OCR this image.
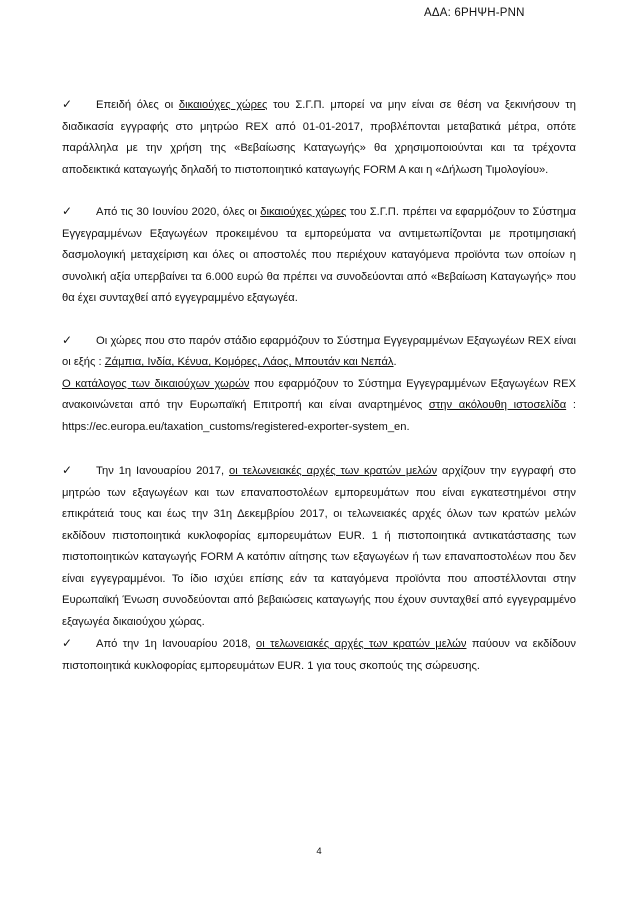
ΑΔΑ: 6ΡΗΨΗ-ΡΝΝ

✓ Επειδή όλες οι δικαιούχες χώρες του Σ.Γ.Π. μπορεί να μην είναι σε θέση να ξεκινήσουν τη διαδικασία εγγραφής στο μητρώο REX από 01-01-2017, προβλέπονται μεταβατικά μέτρα, οπότε παράλληλα με την χρήση της «Βεβαίωσης Καταγωγής» θα χρησιμοποιούνται και τα τρέχοντα αποδεικτικά καταγωγής δηλαδή το πιστοποιητικό καταγωγής FORM A και η «Δήλωση Τιμολογίου».

✓ Από τις 30 Ιουνίου 2020, όλες οι δικαιούχες χώρες του Σ.Γ.Π. πρέπει να εφαρμόζουν το Σύστημα Εγγεγραμμένων Εξαγωγέων προκειμένου τα εμπορεύματα να αντιμετωπίζονται με προτιμησιακή δασμολογική μεταχείριση και όλες οι αποστολές που περιέχουν καταγόμενα προϊόντα των οποίων η συνολική αξία υπερβαίνει τα 6.000 ευρώ θα πρέπει να συνοδεύονται από «Βεβαίωση Καταγωγής» που θα έχει συνταχθεί από εγγεγραμμένο εξαγωγέα.

✓ Οι χώρες που στο παρόν στάδιο εφαρμόζουν το Σύστημα Εγγεγραμμένων Εξαγωγέων REX είναι οι εξής : Ζάμπια, Ινδία, Κένυα, Κομόρες, Λάος, Μπουτάν και Νεπάλ.

Ο κατάλογος των δικαιούχων χωρών που εφαρμόζουν το Σύστημα Εγγεγραμμένων Εξαγωγέων REX ανακοινώνεται από την Ευρωπαϊκή Επιτροπή και είναι αναρτημένος στην ακόλουθη ιστοσελίδα : https://ec.europa.eu/taxation_customs/registered-exporter-system_en.

✓ Την 1η Ιανουαρίου 2017, οι τελωνειακές αρχές των κρατών μελών αρχίζουν την εγγραφή στο μητρώο των εξαγωγέων και των επαναποστολέων εμπορευμάτων που είναι εγκατεστημένοι στην επικράτειά τους και έως την 31η Δεκεμβρίου 2017, οι τελωνειακές αρχές όλων των κρατών μελών εκδίδουν πιστοποιητικά κυκλοφορίας εμπορευμάτων EUR. 1 ή πιστοποιητικά αντικατάστασης των πιστοποιητικών καταγωγής FORM A κατόπιν αίτησης των εξαγωγέων ή των επαναποστολέων που δεν είναι εγγεγραμμένοι. Το ίδιο ισχύει επίσης εάν τα καταγόμενα προϊόντα που αποστέλλονται στην Ευρωπαϊκή Ένωση συνοδεύονται από βεβαιώσεις καταγωγής που έχουν συνταχθεί από εγγεγραμμένο εξαγωγέα δικαιούχου χώρας.

✓ Από την 1η Ιανουαρίου 2018, οι τελωνειακές αρχές των κρατών μελών παύουν να εκδίδουν πιστοποιητικά κυκλοφορίας εμπορευμάτων EUR. 1 για τους σκοπούς της σώρευσης.

4
